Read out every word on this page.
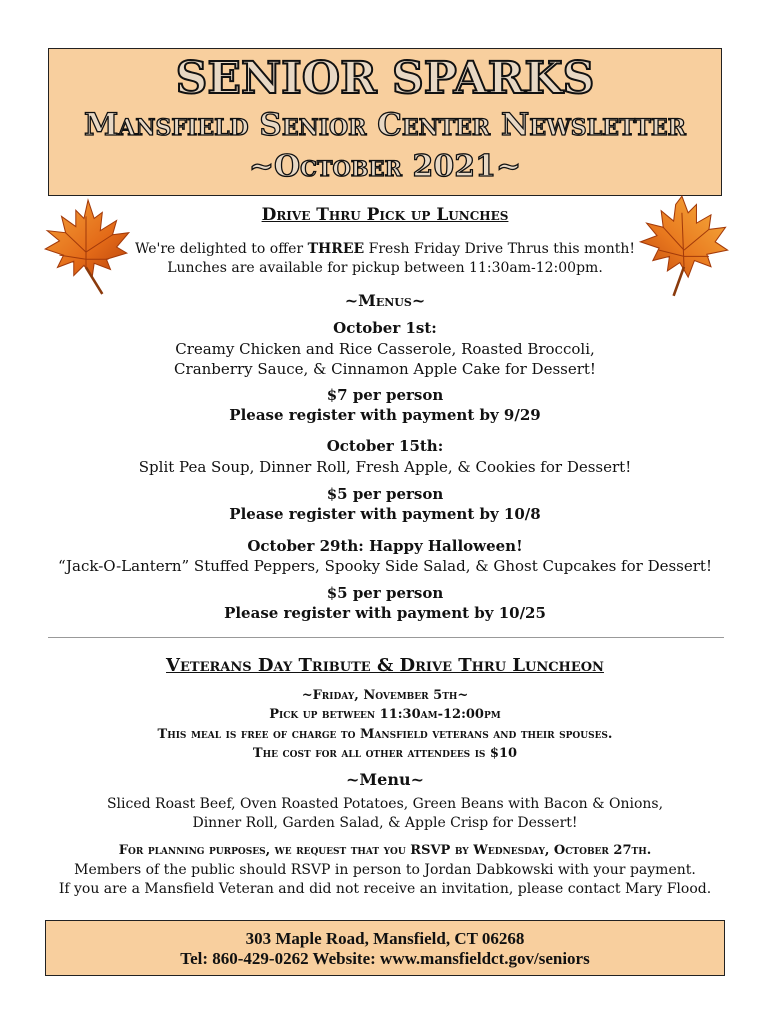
SENIOR SPARKS
Mansfield Senior Center Newsletter
~October 2021~
Drive Thru Pick up Lunches
We're delighted to offer THREE Fresh Friday Drive Thrus this month!
Lunches are available for pickup between 11:30am-12:00pm.
~Menus~
October 1st:
Creamy Chicken and Rice Casserole, Roasted Broccoli,
Cranberry Sauce, & Cinnamon Apple Cake for Dessert!
$7 per person
Please register with payment by 9/29
October 15th:
Split Pea Soup, Dinner Roll, Fresh Apple, & Cookies for Dessert!
$5 per person
Please register with payment by 10/8
October 29th: Happy Halloween!
“Jack-O-Lantern” Stuffed Peppers, Spooky Side Salad, & Ghost Cupcakes for Dessert!
$5 per person
Please register with payment by 10/25
Veterans Day Tribute & Drive Thru Luncheon
~Friday, November 5th~
Pick up between 11:30am-12:00pm
This meal is free of charge to Mansfield veterans and their spouses.
The cost for all other attendees is $10
~Menu~
Sliced Roast Beef, Oven Roasted Potatoes, Green Beans with Bacon & Onions,
Dinner Roll, Garden Salad, & Apple Crisp for Dessert!
For planning purposes, we request that you RSVP by Wednesday, October 27th.
Members of the public should RSVP in person to Jordan Dabkowski with your payment.
If you are a Mansfield Veteran and did not receive an invitation, please contact Mary Flood.
303 Maple Road, Mansfield, CT 06268
Tel: 860-429-0262 Website: www.mansfieldct.gov/seniors
